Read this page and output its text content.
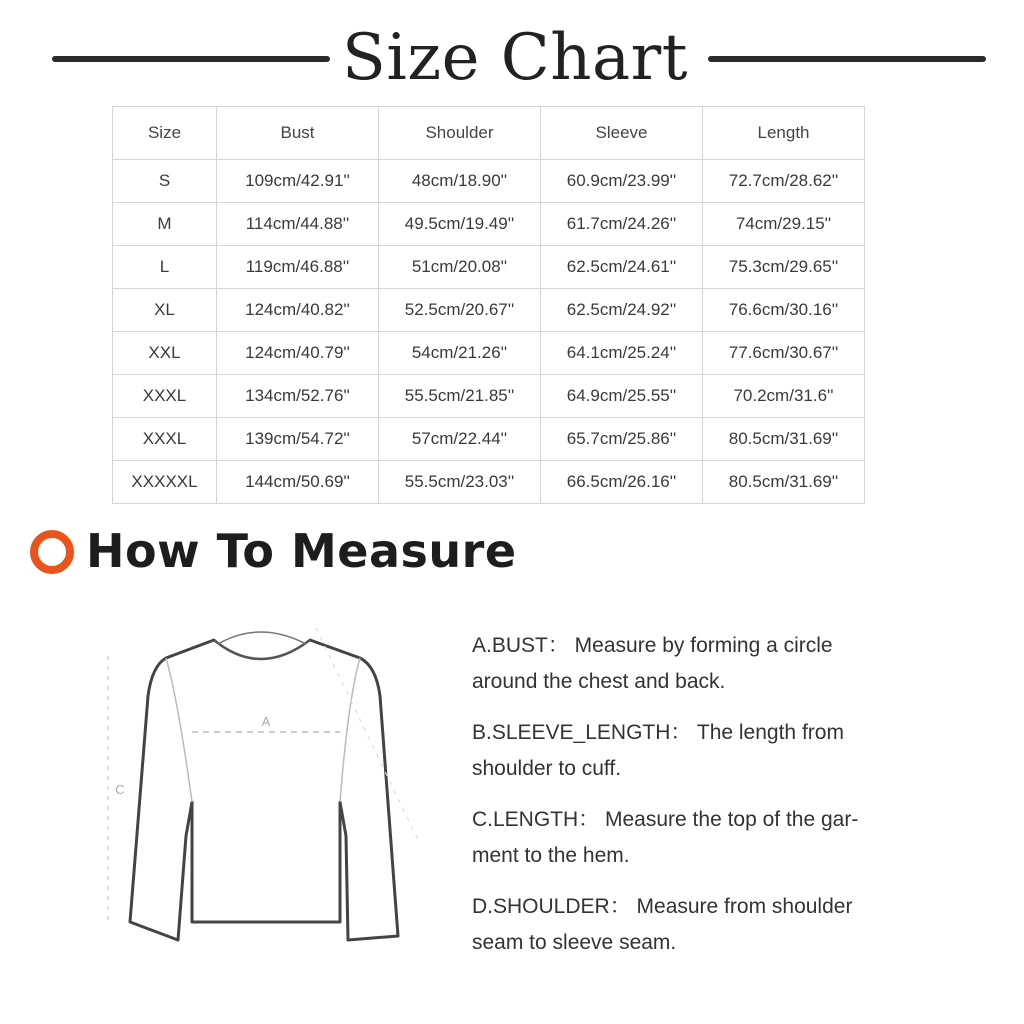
Size Chart
Size	Bust	Shoulder	Sleeve	Length
S	109cm/42.91''	48cm/18.90''	60.9cm/23.99''	72.7cm/28.62''
M	114cm/44.88''	49.5cm/19.49''	61.7cm/24.26''	74cm/29.15''
L	119cm/46.88''	51cm/20.08''	62.5cm/24.61''	75.3cm/29.65''
XL	124cm/40.82''	52.5cm/20.67''	62.5cm/24.92''	76.6cm/30.16''
XXL	124cm/40.79''	54cm/21.26''	64.1cm/25.24''	77.6cm/30.67''
XXXL	134cm/52.76''	55.5cm/21.85''	64.9cm/25.55''	70.2cm/31.6''
XXXL	139cm/54.72''	57cm/22.44''	65.7cm/25.86''	80.5cm/31.69''
XXXXXL	144cm/50.69''	55.5cm/23.03''	66.5cm/26.16''	80.5cm/31.69''
How To Measure
A
C
A.BUST： Measure by forming a circle
around the chest and back.
B.SLEEVE_LENGTH： The length from
shoulder to cuff.
C.LENGTH： Measure the top of the gar-
ment to the hem.
D.SHOULDER： Measure from shoulder
seam to sleeve seam.
